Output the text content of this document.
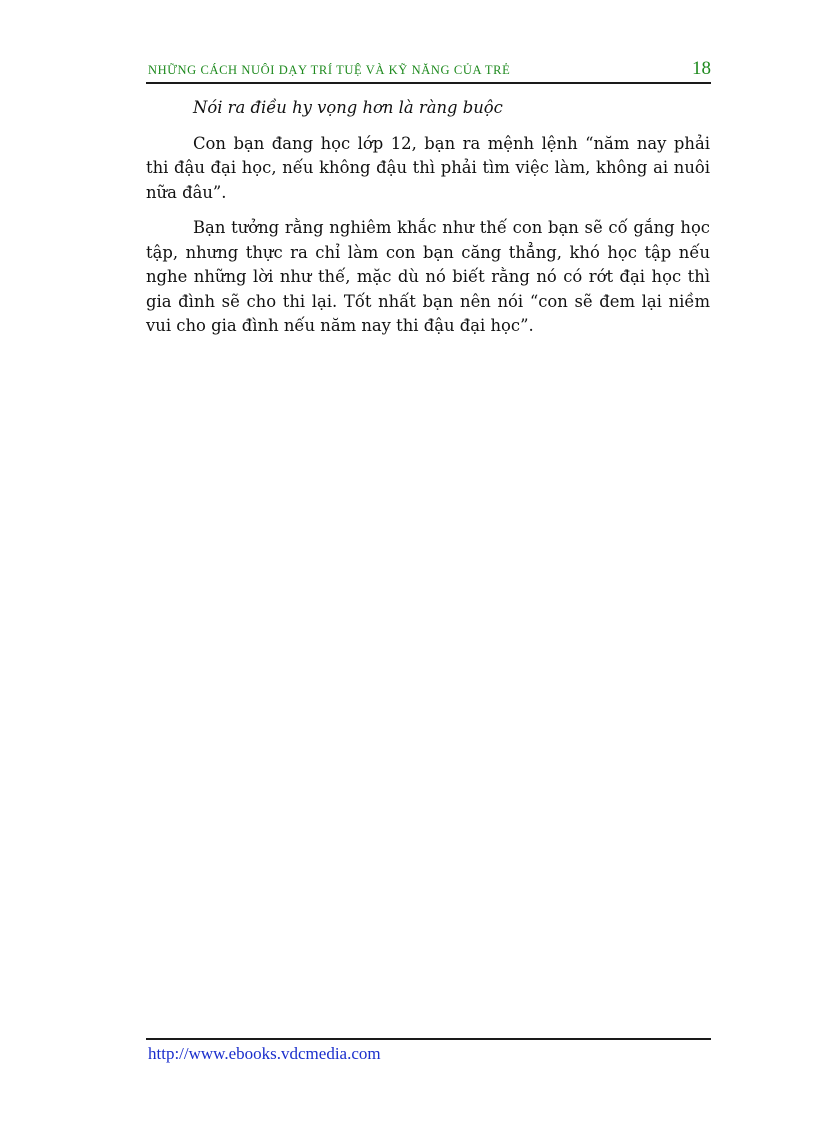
NHỮNG CÁCH NUÔI DẠY TRÍ TUỆ VÀ KỸ NĂNG CỦA TRẺ	18

Nói ra điều hy vọng hơn là ràng buộc

Con bạn đang học lớp 12, bạn ra mệnh lệnh “năm nay phải thi đậu đại học, nếu không đậu thì phải tìm việc làm, không ai nuôi nữa đâu”.

Bạn tưởng rằng nghiêm khắc như thế con bạn sẽ cố gắng học tập, nhưng thực ra chỉ làm con bạn căng thẳng, khó học tập nếu nghe những lời như thế, mặc dù nó biết rằng nó có rớt đại học thì gia đình sẽ cho thi lại. Tốt nhất bạn nên nói “con sẽ đem lại niềm vui cho gia đình nếu năm nay thi đậu đại học”.

http://www.ebooks.vdcmedia.com
